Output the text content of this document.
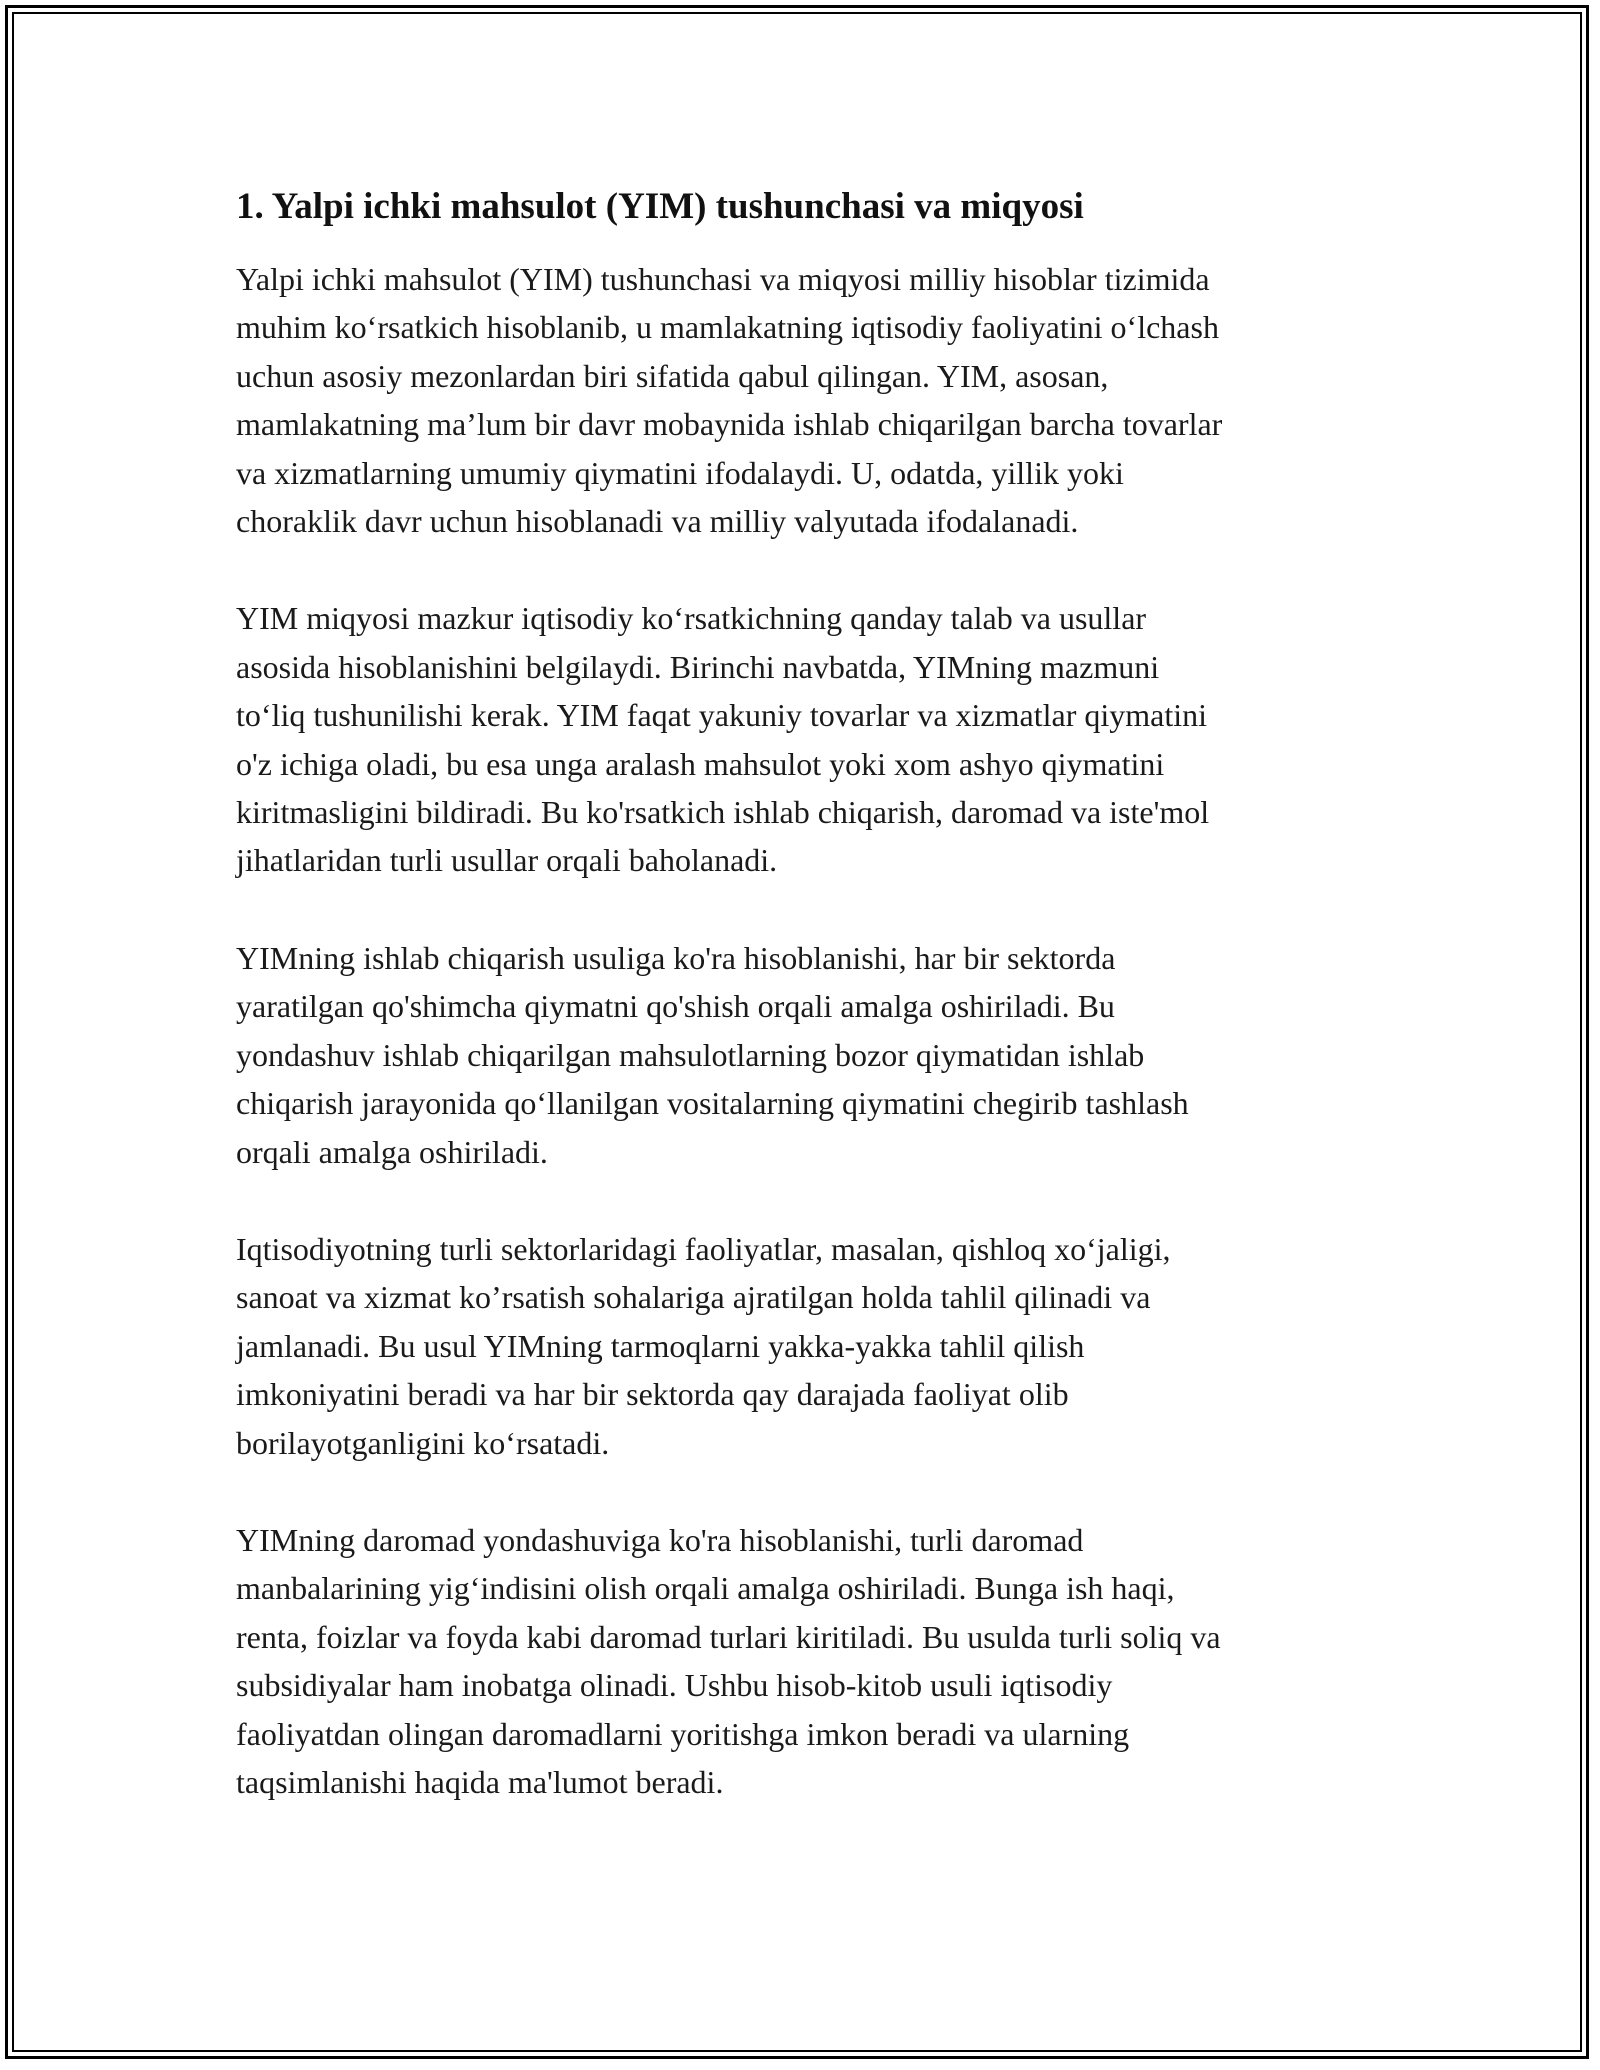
1. Yalpi ichki mahsulot (YIM) tushunchasi va miqyosi

Yalpi ichki mahsulot (YIM) tushunchasi va miqyosi milliy hisoblar tizimida
muhim ko‘rsatkich hisoblanib, u mamlakatning iqtisodiy faoliyatini o‘lchash
uchun asosiy mezonlardan biri sifatida qabul qilingan. YIM, asosan,
mamlakatning ma’lum bir davr mobaynida ishlab chiqarilgan barcha tovarlar
va xizmatlarning umumiy qiymatini ifodalaydi. U, odatda, yillik yoki
choraklik davr uchun hisoblanadi va milliy valyutada ifodalanadi.

YIM miqyosi mazkur iqtisodiy ko‘rsatkichning qanday talab va usullar
asosida hisoblanishini belgilaydi. Birinchi navbatda, YIMning mazmuni
to‘liq tushunilishi kerak. YIM faqat yakuniy tovarlar va xizmatlar qiymatini
o'z ichiga oladi, bu esa unga aralash mahsulot yoki xom ashyo qiymatini
kiritmasligini bildiradi. Bu ko'rsatkich ishlab chiqarish, daromad va iste'mol
jihatlaridan turli usullar orqali baholanadi.

YIMning ishlab chiqarish usuliga ko'ra hisoblanishi, har bir sektorda
yaratilgan qo'shimcha qiymatni qo'shish orqali amalga oshiriladi. Bu
yondashuv ishlab chiqarilgan mahsulotlarning bozor qiymatidan ishlab
chiqarish jarayonida qo‘llanilgan vositalarning qiymatini chegirib tashlash
orqali amalga oshiriladi.

Iqtisodiyotning turli sektorlaridagi faoliyatlar, masalan, qishloq xo‘jaligi,
sanoat va xizmat ko’rsatish sohalariga ajratilgan holda tahlil qilinadi va
jamlanadi. Bu usul YIMning tarmoqlarni yakka-yakka tahlil qilish
imkoniyatini beradi va har bir sektorda qay darajada faoliyat olib
borilayotganligini ko‘rsatadi.

YIMning daromad yondashuviga ko'ra hisoblanishi, turli daromad
manbalarining yig‘indisini olish orqali amalga oshiriladi. Bunga ish haqi,
renta, foizlar va foyda kabi daromad turlari kiritiladi. Bu usulda turli soliq va
subsidiyalar ham inobatga olinadi. Ushbu hisob-kitob usuli iqtisodiy
faoliyatdan olingan daromadlarni yoritishga imkon beradi va ularning
taqsimlanishi haqida ma'lumot beradi.
